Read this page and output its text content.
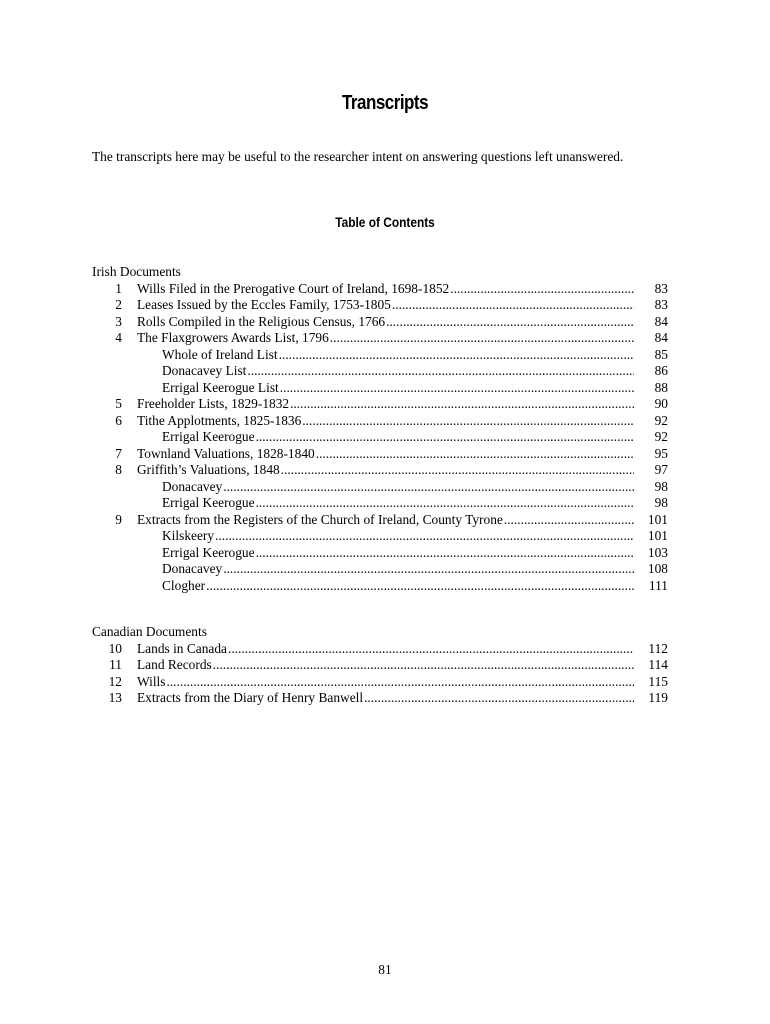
Transcripts
The transcripts here may be useful to the researcher intent on answering questions left unanswered.
Table of Contents
Irish Documents
1 Wills Filed in the Prerogative Court of Ireland, 1698-1852 .....	83
2 Leases Issued by the Eccles Family, 1753-1805 .....	83
3 Rolls Compiled in the Religious Census, 1766 .....	84
4 The Flaxgrowers Awards List, 1796 .....	84
Whole of Ireland List .....	85
Donacavey List .....	86
Errigal Keerogue List .....	88
5 Freeholder Lists, 1829-1832 .....	90
6 Tithe Applotments, 1825-1836 .....	92
Errigal Keerogue .....	92
7 Townland Valuations, 1828-1840 .....	95
8 Griffith’s Valuations, 1848 .....	97
Donacavey .....	98
Errigal Keerogue .....	98
9 Extracts from the Registers of the Church of Ireland, County Tyrone .....	101
Kilskeery .....	101
Errigal Keerogue .....	103
Donacavey .....	108
Clogher .....	111
Canadian Documents
10 Lands in Canada .....	112
11 Land Records .....	114
12 Wills .....	115
13 Extracts from the Diary of Henry Banwell .....	119
81
